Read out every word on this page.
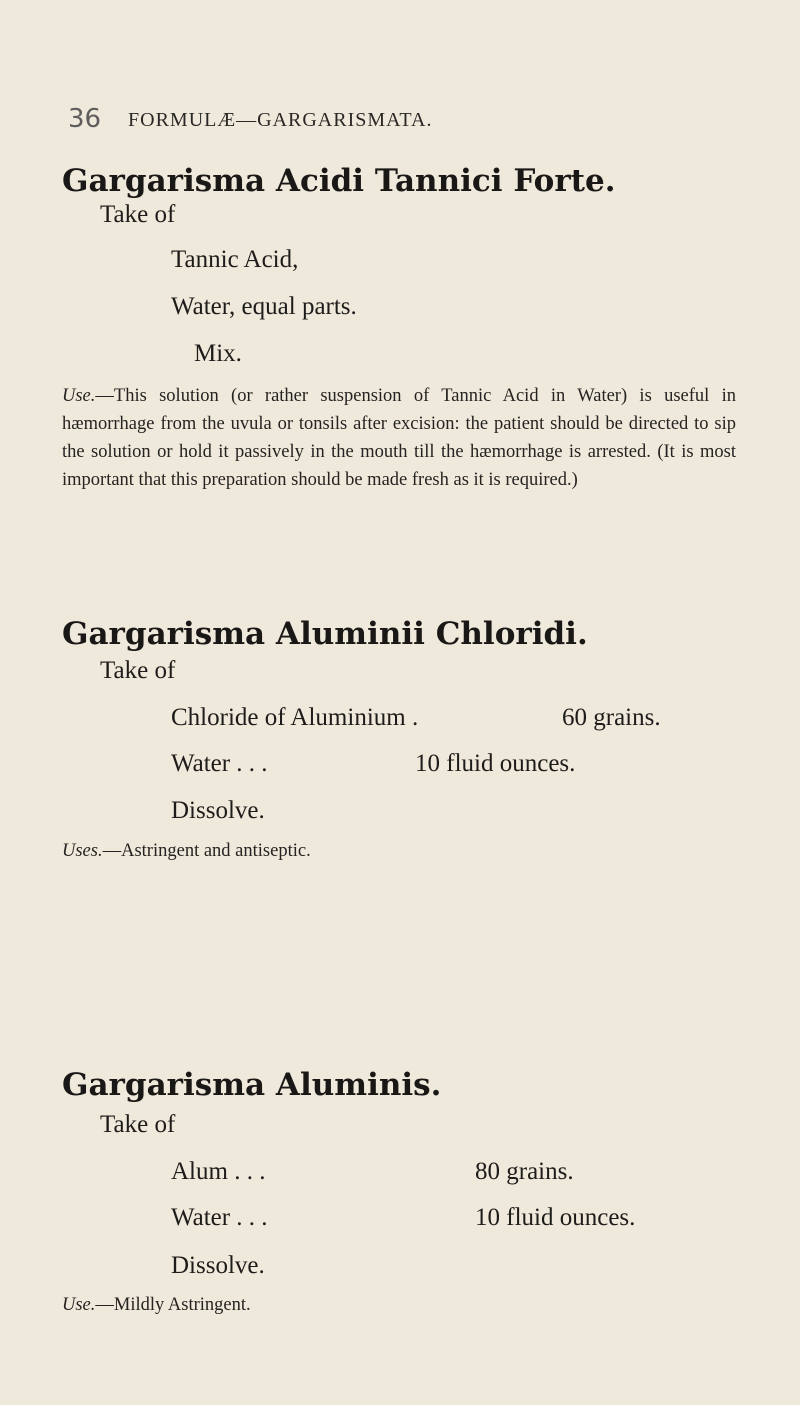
36 FORMULÆ—GARGARISMATA.
Gargarisma Acidi Tannici Forte.
Take of
Tannic Acid,
Water, equal parts.
Mix.
Use.—This solution (or rather suspension of Tannic Acid in Water) is useful in hæmorrhage from the uvula or tonsils after excision: the patient should be directed to sip the solution or hold it passively in the mouth till the hæmorrhage is arrested. (It is most important that this preparation should be made fresh as it is required.)
Gargarisma Aluminii Chloridi.
Take of
Chloride of Aluminium .	60 grains.
Water . . .	10 fluid ounces.
Dissolve.
Uses.—Astringent and antiseptic.
Gargarisma Aluminis.
Take of
Alum . . .	80 grains.
Water . . .	10 fluid ounces.
Dissolve.
Use.—Mildly Astringent.
